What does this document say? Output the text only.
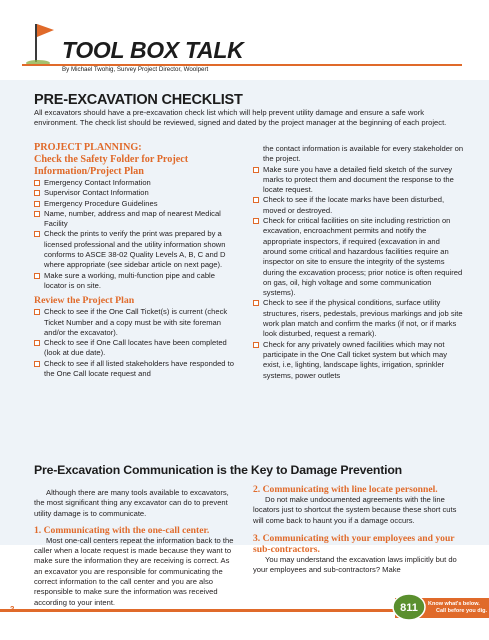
TOOL BOX TALK
By Michael Twohig, Survey Project Director, Woolpert
PRE-EXCAVATION CHECKLIST
All excavators should have a pre-excavation check list which will help prevent utility damage and ensure a safe work environment. The check list should be reviewed, signed and dated by the project manager at the beginning of each project.
PROJECT PLANNING:
Check the Safety Folder for Project Information/Project Plan
Emergency Contact Information
Supervisor Contact Information
Emergency Procedure Guidelines
Name, number, address and map of nearest Medical Facility
Check the prints to verify the print was prepared by a licensed professional and the utility information shown conforms to ASCE 38-02 Quality Levels A, B, C and D where appropriate (see sidebar article on next page).
Make sure a working, multi-function pipe and cable locator is on site.
Review the Project Plan
Check to see if the One Call Ticket(s) is current (check Ticket Number and a copy must be with site foreman and/or the excavator).
Check to see if One Call locates have been completed (look at due date).
Check to see if all listed stakeholders have responded to the One Call locate request and

the contact information is available for every stakeholder on the project.

Make sure you have a detailed field sketch of the survey marks to protect them and document the response to the locate request.
Check to see if the locate marks have been disturbed, moved or destroyed.
Check for critical facilities on site including restriction on excavation, encroachment permits and notify the appropriate inspectors, if required (excavation in and around some critical and hazardous facilities require an inspector on site to ensure the integrity of the systems during the excavation process; prior notice is often required on gas, oil, high voltage and some communication systems).
Check to see if the physical conditions, surface utility structures, risers, pedestals, previous markings and job site work plan match and confirm the marks (if not, or if marks look disturbed, request a remark).
Check for any privately owned facilities which may not participate in the One Call ticket system but which may exist, i.e, lighting, landscape lights, irrigation, sprinkler systems, power outlets
Pre-Excavation Communication is the Key to Damage Prevention

Although there are many tools available to excavators, the most significant thing any excavator can do to prevent utility damage is to communicate.

1. Communicating with the one-call center.

Most one-call centers repeat the information back to the caller when a locate request is made because they want to make sure the information they are receiving is correct. As an excavator you are responsible for communicating the correct information to the call center and you are also responsible to make sure the information was received according to your intent.

2. Communicating with line locate personnel.

Do not make undocumented agreements with the line locators just to shortcut the system because these short cuts will come back to haunt you if a damage occurs.

3. Communicating with your employees and your sub-contractors.

You may understand the excavation laws implicitly but do your employees and sub-contractors? Make

3	811 Know what's below.
Call before you dig.
